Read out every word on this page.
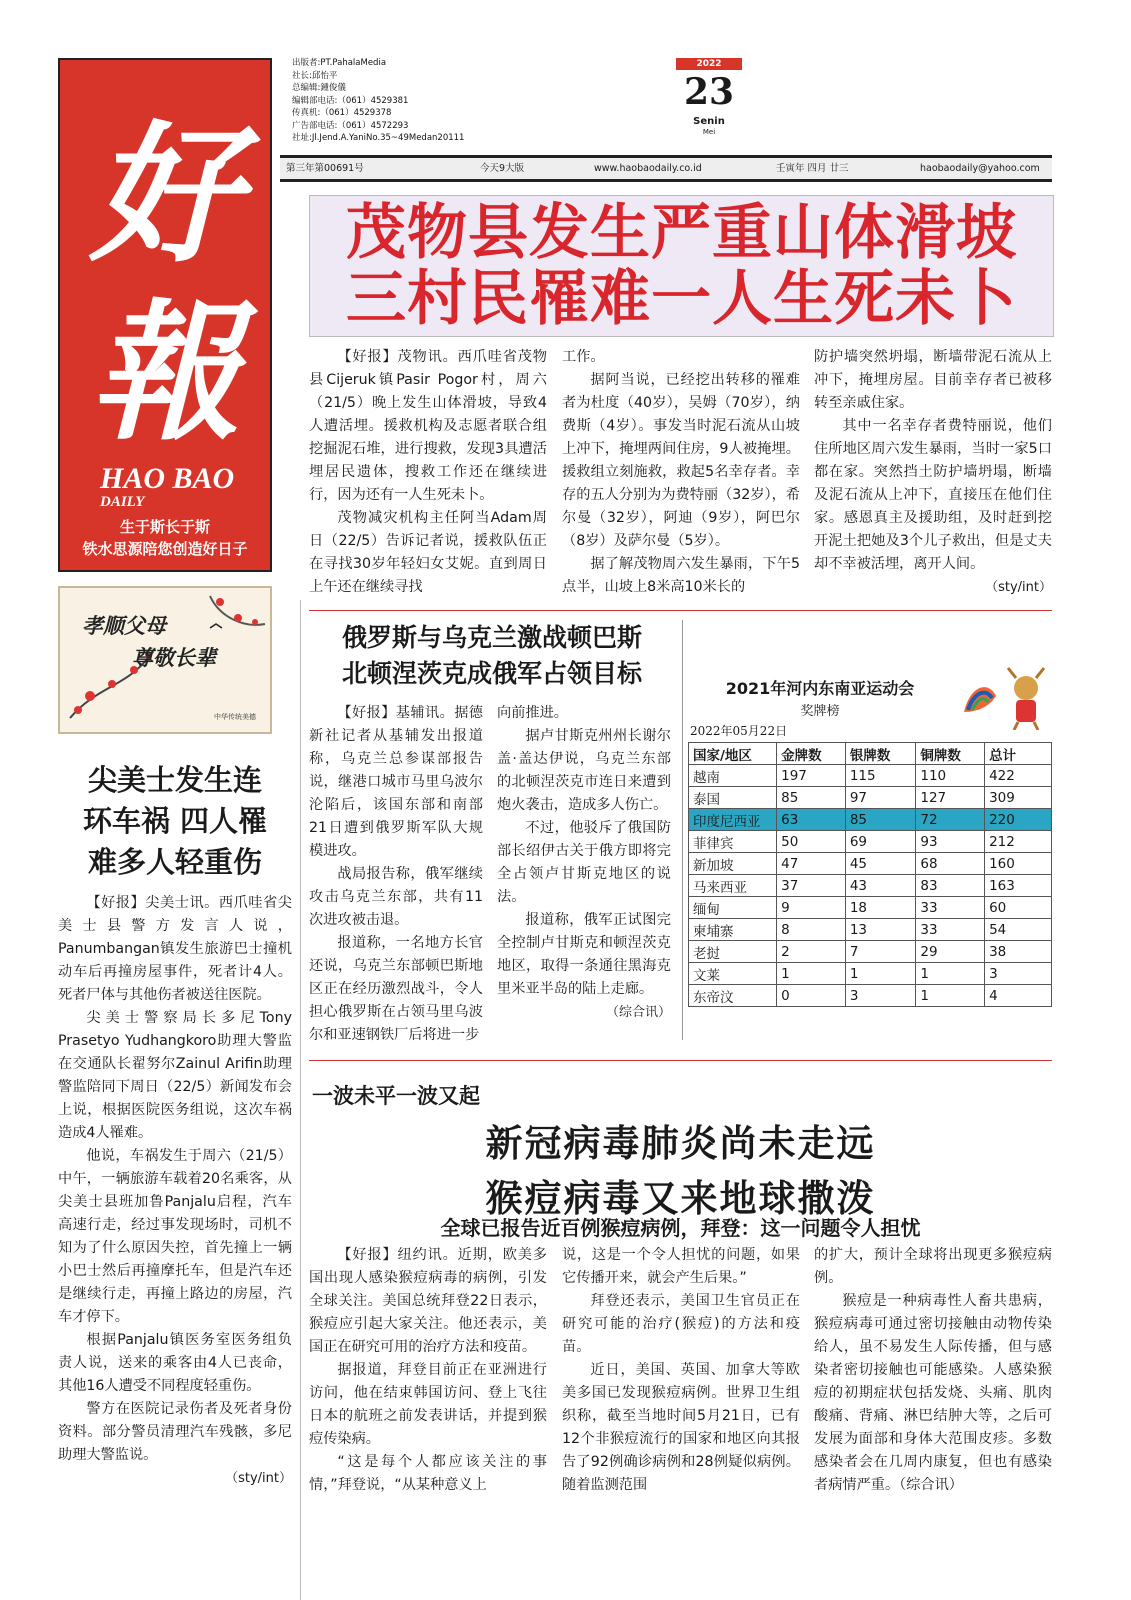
好
報
HAO BAO
DAILY
生于斯长于斯
铁水思源陪您创造好日子
孝顺父母
尊敬长辈
中华传统美德
出版者:PT.PahalaMedia
社长:邱怡平
总编辑:鍾俊儀
编辑部电话:（061）4529381
传真机:（061）4529378
广告部电话:（061）4572293
社址:Jl.Jend.A.YaniNo.35~49Medan20111
2022
23
Senin
Mei
第三年第00691号	今天9大版	www.haobaodaily.co.id	壬寅年 四月 廿三	haobaodaily@yahoo.com
茂物县发生严重山体滑坡
三村民罹难一人生死未卜

【好报】茂物讯。西爪哇省茂物县Cijeruk镇Pasir Pogor村，周六（21/5）晚上发生山体滑坡，导致4人遭活埋。援救机构及志愿者联合组挖掘泥石堆，进行搜救，发现3具遭活埋居民遗体，搜救工作还在继续进行，因为还有一人生死未卜。

茂物减灾机构主任阿当Adam周日（22/5）告诉记者说，援救队伍正在寻找30岁年轻妇女艾妮。直到周日上午还在继续寻找

工作。

据阿当说，已经挖出转移的罹难者为杜度（40岁），吴姆（70岁），纳费斯（4岁）。事发当时泥石流从山坡上冲下，掩埋两间住房，9人被掩埋。援救组立刻施救，救起5名幸存者。幸存的五人分别为为费特丽（32岁），希尔曼（32岁），阿迪（9岁），阿巴尔（8岁）及萨尔曼（5岁）。

据了解茂物周六发生暴雨，下午5点半，山坡上8米高10米长的

防护墙突然坍塌，断墙带泥石流从上冲下，掩埋房屋。目前幸存者已被移转至亲戚住家。

其中一名幸存者费特丽说，他们住所地区周六发生暴雨，当时一家5口都在家。突然挡土防护墙坍塌，断墙及泥石流从上冲下，直接压在他们住家。感恩真主及援助组，及时赶到挖开泥土把她及3个儿子救出，但是丈夫却不幸被活埋，离开人间。

（sty/int）
俄罗斯与乌克兰激战顿巴斯
北顿涅茨克成俄军占领目标

【好报】基辅讯。据德新社记者从基辅发出报道称，乌克兰总参谋部报告说，继港口城市马里乌波尔沦陷后，该国东部和南部21日遭到俄罗斯军队大规模进攻。

战局报告称，俄军继续攻击乌克兰东部，共有11次进攻被击退。

报道称，一名地方长官还说，乌克兰东部顿巴斯地区正在经历激烈战斗，令人担心俄罗斯在占领马里乌波尔和亚速钢铁厂后将进一步

向前推进。

据卢甘斯克州州长谢尔盖·盖达伊说，乌克兰东部的北顿涅茨克市连日来遭到炮火袭击，造成多人伤亡。

不过，他驳斥了俄国防部长绍伊古关于俄方即将完全占领卢甘斯克地区的说法。

报道称，俄军正试图完全控制卢甘斯克和顿涅茨克地区，取得一条通往黑海克里米亚半岛的陆上走廊。

（综合讯）
2021年河内东南亚运动会
奖牌榜
2022年05月22日
国家/地区	金牌数	银牌数	铜牌数	总计
越南	197	115	110	422
泰国	85	97	127	309
印度尼西亚	63	85	72	220
菲律宾	50	69	93	212
新加坡	47	45	68	160
马来西亚	37	43	83	163
缅甸	9	18	33	60
柬埔寨	8	13	33	54
老挝	2	7	29	38
文莱	1	1	1	3
东帝汶	0	3	1	4
尖美士发生连
环车祸 四人罹
难多人轻重伤

【好报】尖美士讯。西爪哇省尖美士县警方发言人说，Panumbangan镇发生旅游巴士撞机动车后再撞房屋事件，死者计4人。死者尸体与其他伤者被送往医院。

尖美士警察局长多尼Tony Prasetyo Yudhangkoro助理大警监在交通队长翟努尔Zainul Arifin助理警监陪同下周日（22/5）新闻发布会上说，根据医院医务组说，这次车祸造成4人罹难。

他说，车祸发生于周六（21/5）中午，一辆旅游车载着20名乘客，从尖美士县班加鲁Panjalu启程，汽车高速行走，经过事发现场时，司机不知为了什么原因失控，首先撞上一辆小巴士然后再撞摩托车，但是汽车还是继续行走，再撞上路边的房屋，汽车才停下。

根据Panjalu镇医务室医务组负责人说，送来的乘客由4人已丧命，其他16人遭受不同程度轻重伤。

警方在医院记录伤者及死者身份资料。部分警员清理汽车残骸，多尼助理大警监说。

（sty/int）
一波未平一波又起
新冠病毒肺炎尚未走远
猴痘病毒又来地球撒泼
全球已报告近百例猴痘病例，拜登：这一问题令人担忧

【好报】纽约讯。近期，欧美多国出现人感染猴痘病毒的病例，引发全球关注。美国总统拜登22日表示，猴痘应引起大家关注。他还表示，美国正在研究可用的治疗方法和疫苗。

据报道，拜登目前正在亚洲进行访问，他在结束韩国访问、登上飞往日本的航班之前发表讲话，并提到猴痘传染病。

“这是每个人都应该关注的事情，”拜登说，“从某种意义上

说，这是一个令人担忧的问题，如果它传播开来，就会产生后果。”

拜登还表示，美国卫生官员正在研究可能的治疗(猴痘)的方法和疫苗。

近日，美国、英国、加拿大等欧美多国已发现猴痘病例。世界卫生组织称，截至当地时间5月21日，已有12个非猴痘流行的国家和地区向其报告了92例确诊病例和28例疑似病例。随着监测范围

的扩大，预计全球将出现更多猴痘病例。

猴痘是一种病毒性人畜共患病，猴痘病毒可通过密切接触由动物传染给人，虽不易发生人际传播，但与感染者密切接触也可能感染。人感染猴痘的初期症状包括发烧、头痛、肌肉酸痛、背痛、淋巴结肿大等，之后可发展为面部和身体大范围皮疹。多数感染者会在几周内康复，但也有感染者病情严重。（综合讯）
